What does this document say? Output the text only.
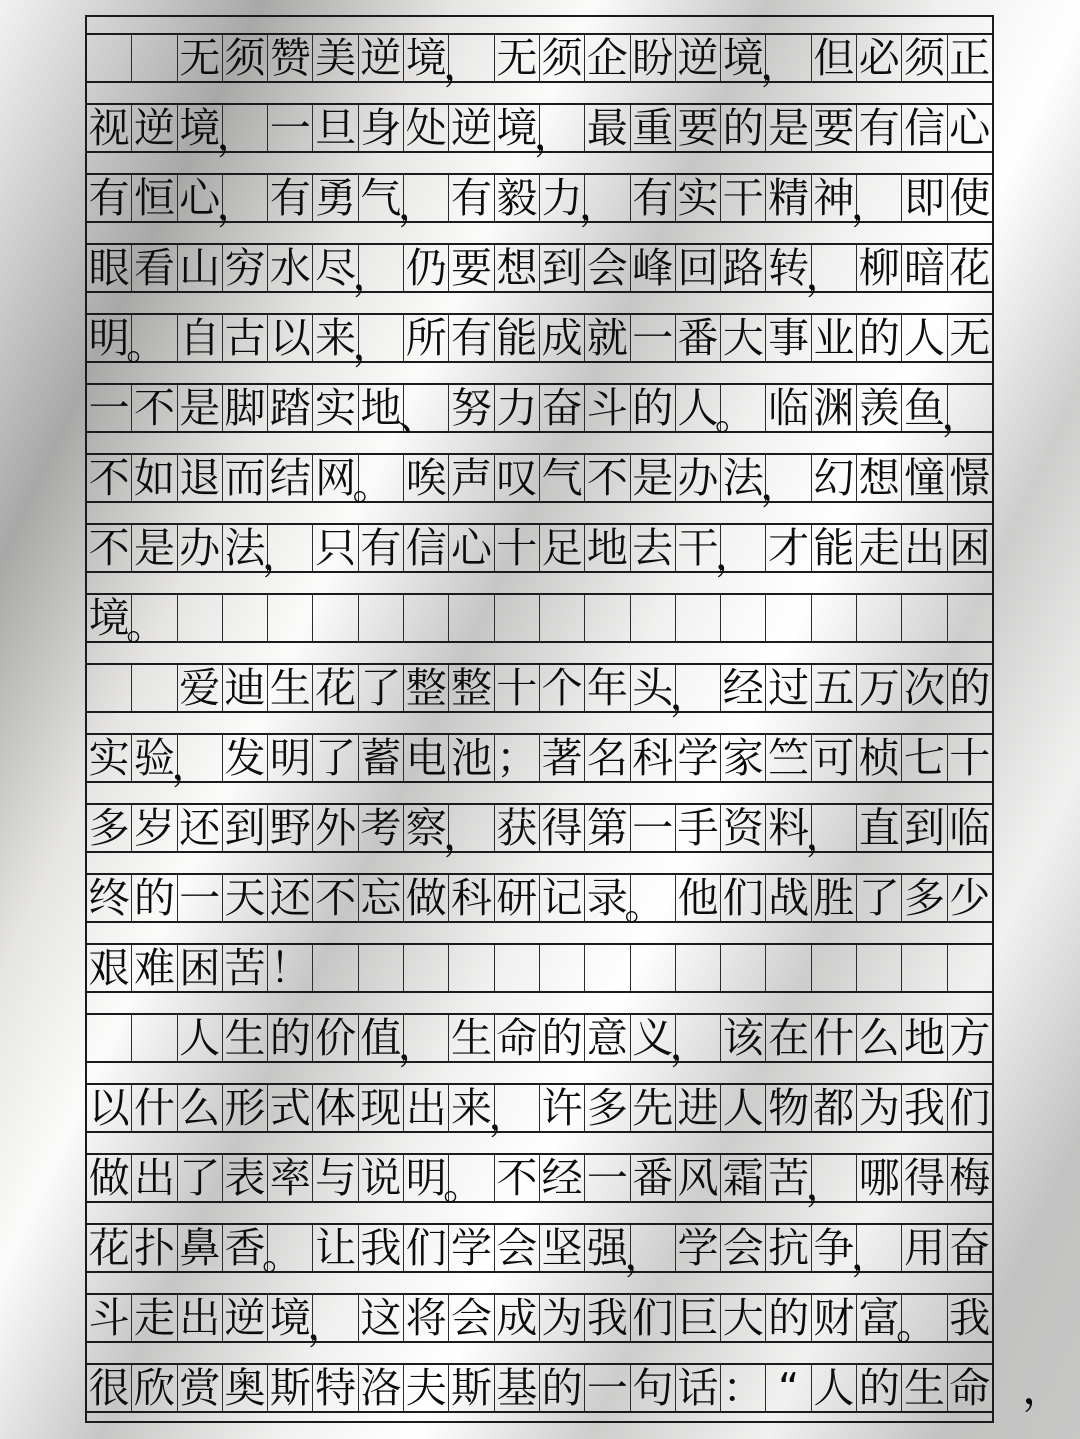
无 须 赞 美 逆 境
， 无 须 企 盼 逆 境
， 但 必 须 正
视 逆 境
， 一 旦 身 处 逆 境
， 最 重 要 的 是 要 有 信 心
有 恒 心
， 有 勇 气
， 有 毅 力
， 有 实 干 精 神
， 即 使
眼 看 山 穷 水 尽
， 仍 要 想 到 会 峰 回 路 转
， 柳 暗 花
明
。 自 古 以 来
， 所 有 能 成 就 一 番 大 事 业 的 人 无
一 不 是 脚 踏 实 地
、 努 力 奋 斗 的 人
。 临 渊 羡 鱼
，
不 如 退 而 结 网
。 唉 声 叹 气 不 是 办 法
， 幻 想 憧 憬
不 是 办 法
， 只 有 信 心 十 足 地 去 干
， 才 能 走 出 困
境
。
爱 迪 生 花 了 整 整 十 个 年 头
， 经 过 五 万 次 的
实 验
， 发 明 了 蓄 电 池 ； 著 名 科 学 家 竺 可 桢 七 十
多 岁 还 到 野 外 考 察
， 获 得 第 一 手 资 料
， 直 到 临
终 的 一 天 还 不 忘 做 科 研 记 录
。 他 们 战 胜 了 多 少
艰 难 困 苦 ！
人 生 的 价 值
， 生 命 的 意 义
， 该 在 什 么 地 方
以 什 么 形 式 体 现 出 来
， 许 多 先 进 人 物 都 为 我 们
做 出 了 表 率 与 说 明
。 不 经 一 番 风 霜 苦
， 哪 得 梅
花 扑 鼻 香
。 让 我 们 学 会 坚 强
， 学 会 抗 争
， 用 奋
斗 走 出 逆 境
， 这 将 会 成 为 我 们 巨 大 的 财 富
。 我
很 欣 赏 奥 斯 特 洛 夫 斯 基 的 一 句 话 ： “ 人 的 生 命 ，
